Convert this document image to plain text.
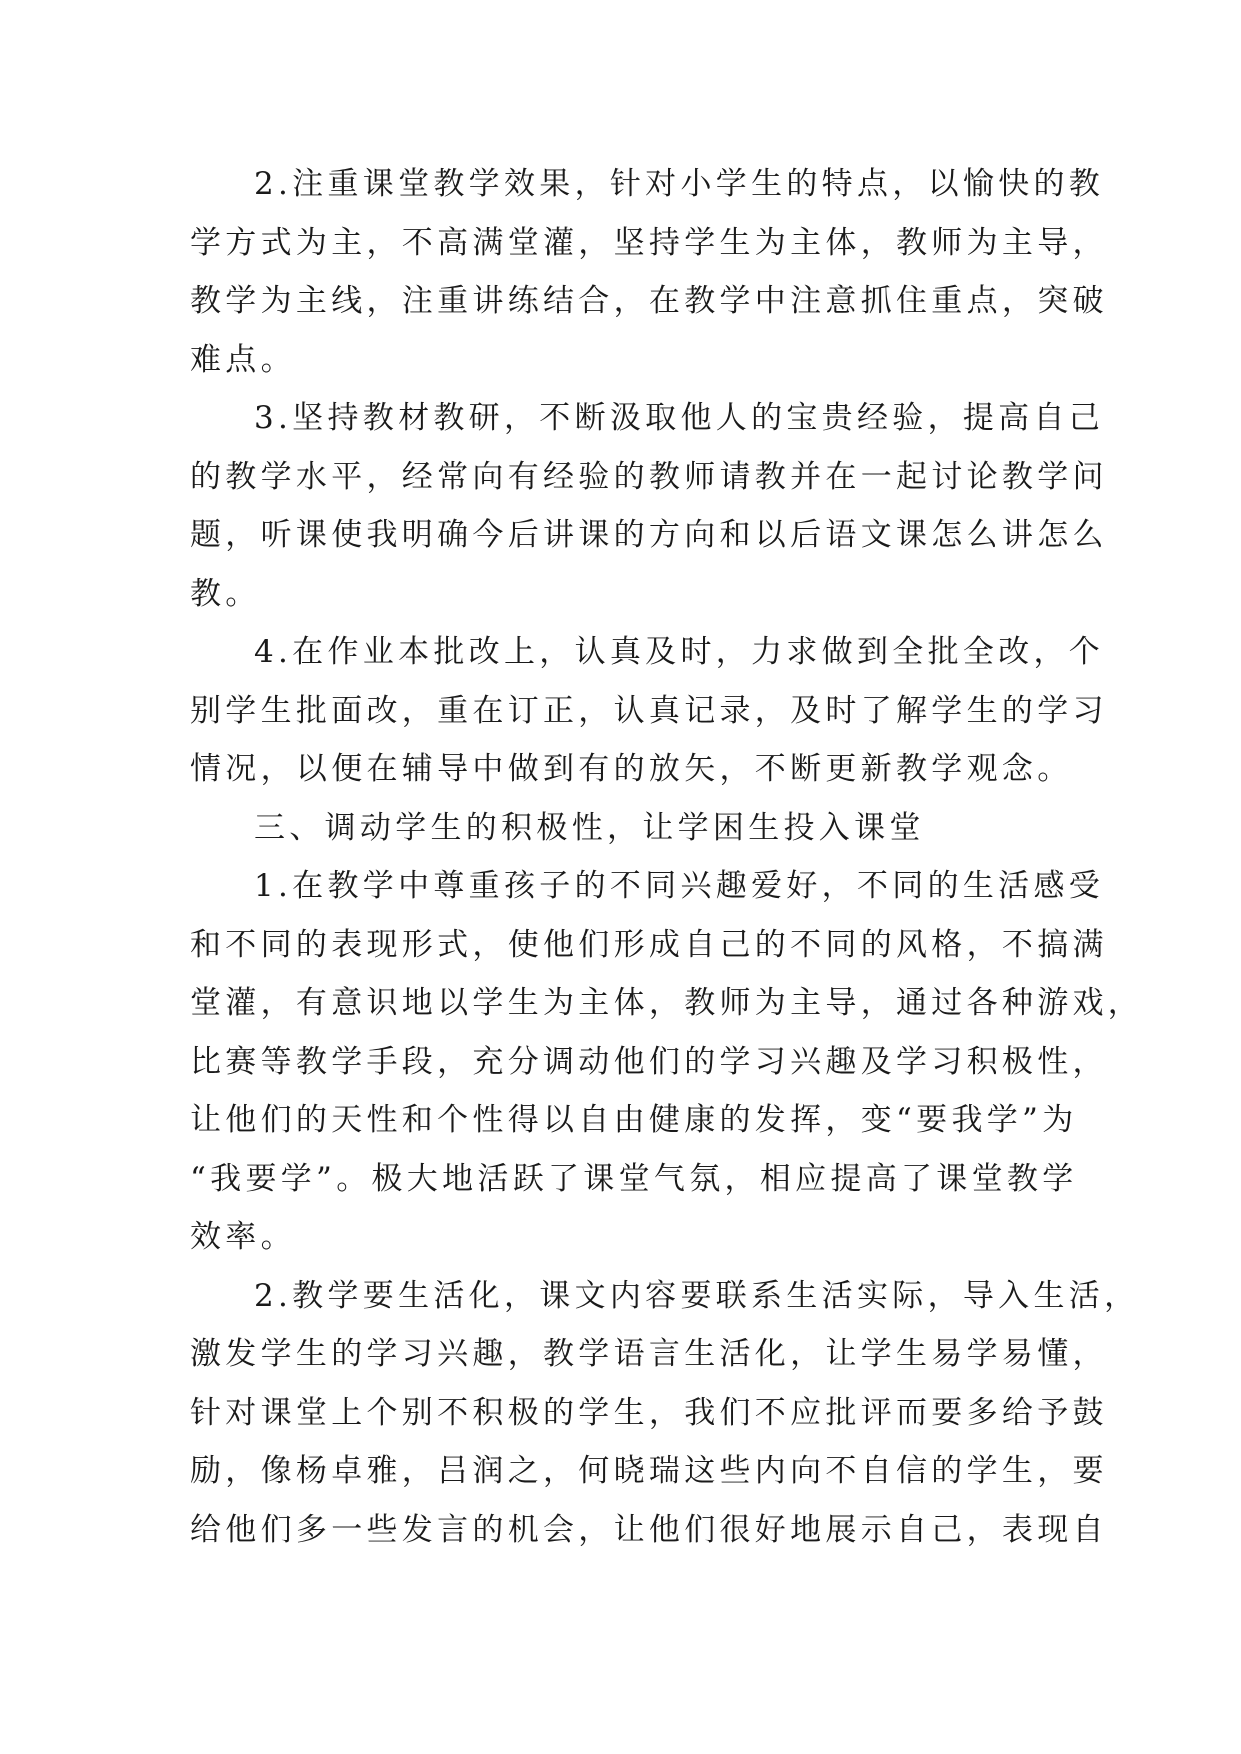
2.注重课堂教学效果，针对小学生的特点，以愉快的教
学方式为主，不高满堂灌，坚持学生为主体，教师为主导，
教学为主线，注重讲练结合，在教学中注意抓住重点，突破
难点。
3.坚持教材教研，不断汲取他人的宝贵经验，提高自己
的教学水平，经常向有经验的教师请教并在一起讨论教学问
题，听课使我明确今后讲课的方向和以后语文课怎么讲怎么
教。
4.在作业本批改上，认真及时，力求做到全批全改，个
别学生批面改，重在订正，认真记录，及时了解学生的学习
情况，以便在辅导中做到有的放矢，不断更新教学观念。
三、调动学生的积极性，让学困生投入课堂
1.在教学中尊重孩子的不同兴趣爱好，不同的生活感受
和不同的表现形式，使他们形成自己的不同的风格，不搞满
堂灌，有意识地以学生为主体，教师为主导，通过各种游戏，
比赛等教学手段，充分调动他们的学习兴趣及学习积极性，
让他们的天性和个性得以自由健康的发挥，变“要我学”为
“我要学”。极大地活跃了课堂气氛，相应提高了课堂教学
效率。
2.教学要生活化，课文内容要联系生活实际，导入生活，
激发学生的学习兴趣，教学语言生活化，让学生易学易懂，
针对课堂上个别不积极的学生，我们不应批评而要多给予鼓
励，像杨卓雅，吕润之，何晓瑞这些内向不自信的学生，要
给他们多一些发言的机会，让他们很好地展示自己，表现自
